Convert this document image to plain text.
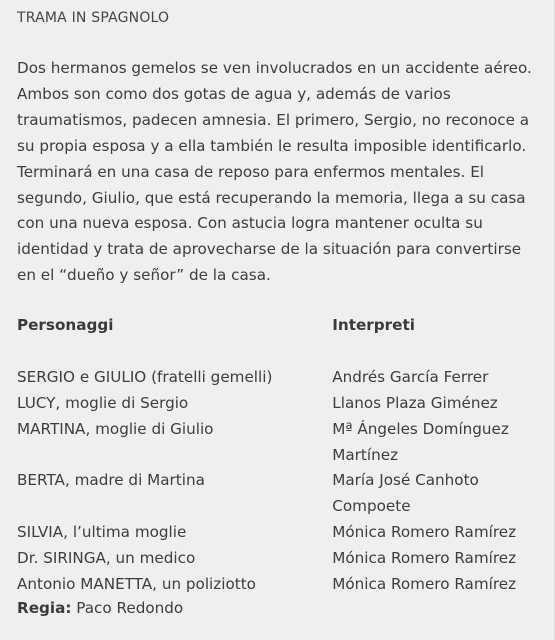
TRAMA IN SPAGNOLO

Dos hermanos gemelos se ven involucrados en un accidente aéreo.
Ambos son como dos gotas de agua y, además de varios
traumatismos, padecen amnesia. El primero, Sergio, no reconoce a
su propia esposa y a ella también le resulta imposible identificarlo.
Terminará en una casa de reposo para enfermos mentales. El
segundo, Giulio, que está recuperando la memoria, llega a su casa
con una nueva esposa. Con astucia logra mantener oculta su
identidad y trata de aprovecharse de la situación para convertirse
en el “dueño y señor” de la casa.

Personaggi	Interpreti

SERGIO e GIULIO (fratelli gemelli)	Andrés García Ferrer
LUCY, moglie di Sergio	Llanos Plaza Giménez
MARTINA, moglie di Giulio	Mª Ángeles Domínguez Martínez
BERTA, madre di Martina	María José Canhoto Compoete
SILVIA, l’ultima moglie	Mónica Romero Ramírez
Dr. SIRINGA, un medico	Mónica Romero Ramírez
Antonio MANETTA, un poliziotto	Mónica Romero Ramírez
Regia: Paco Redondo
